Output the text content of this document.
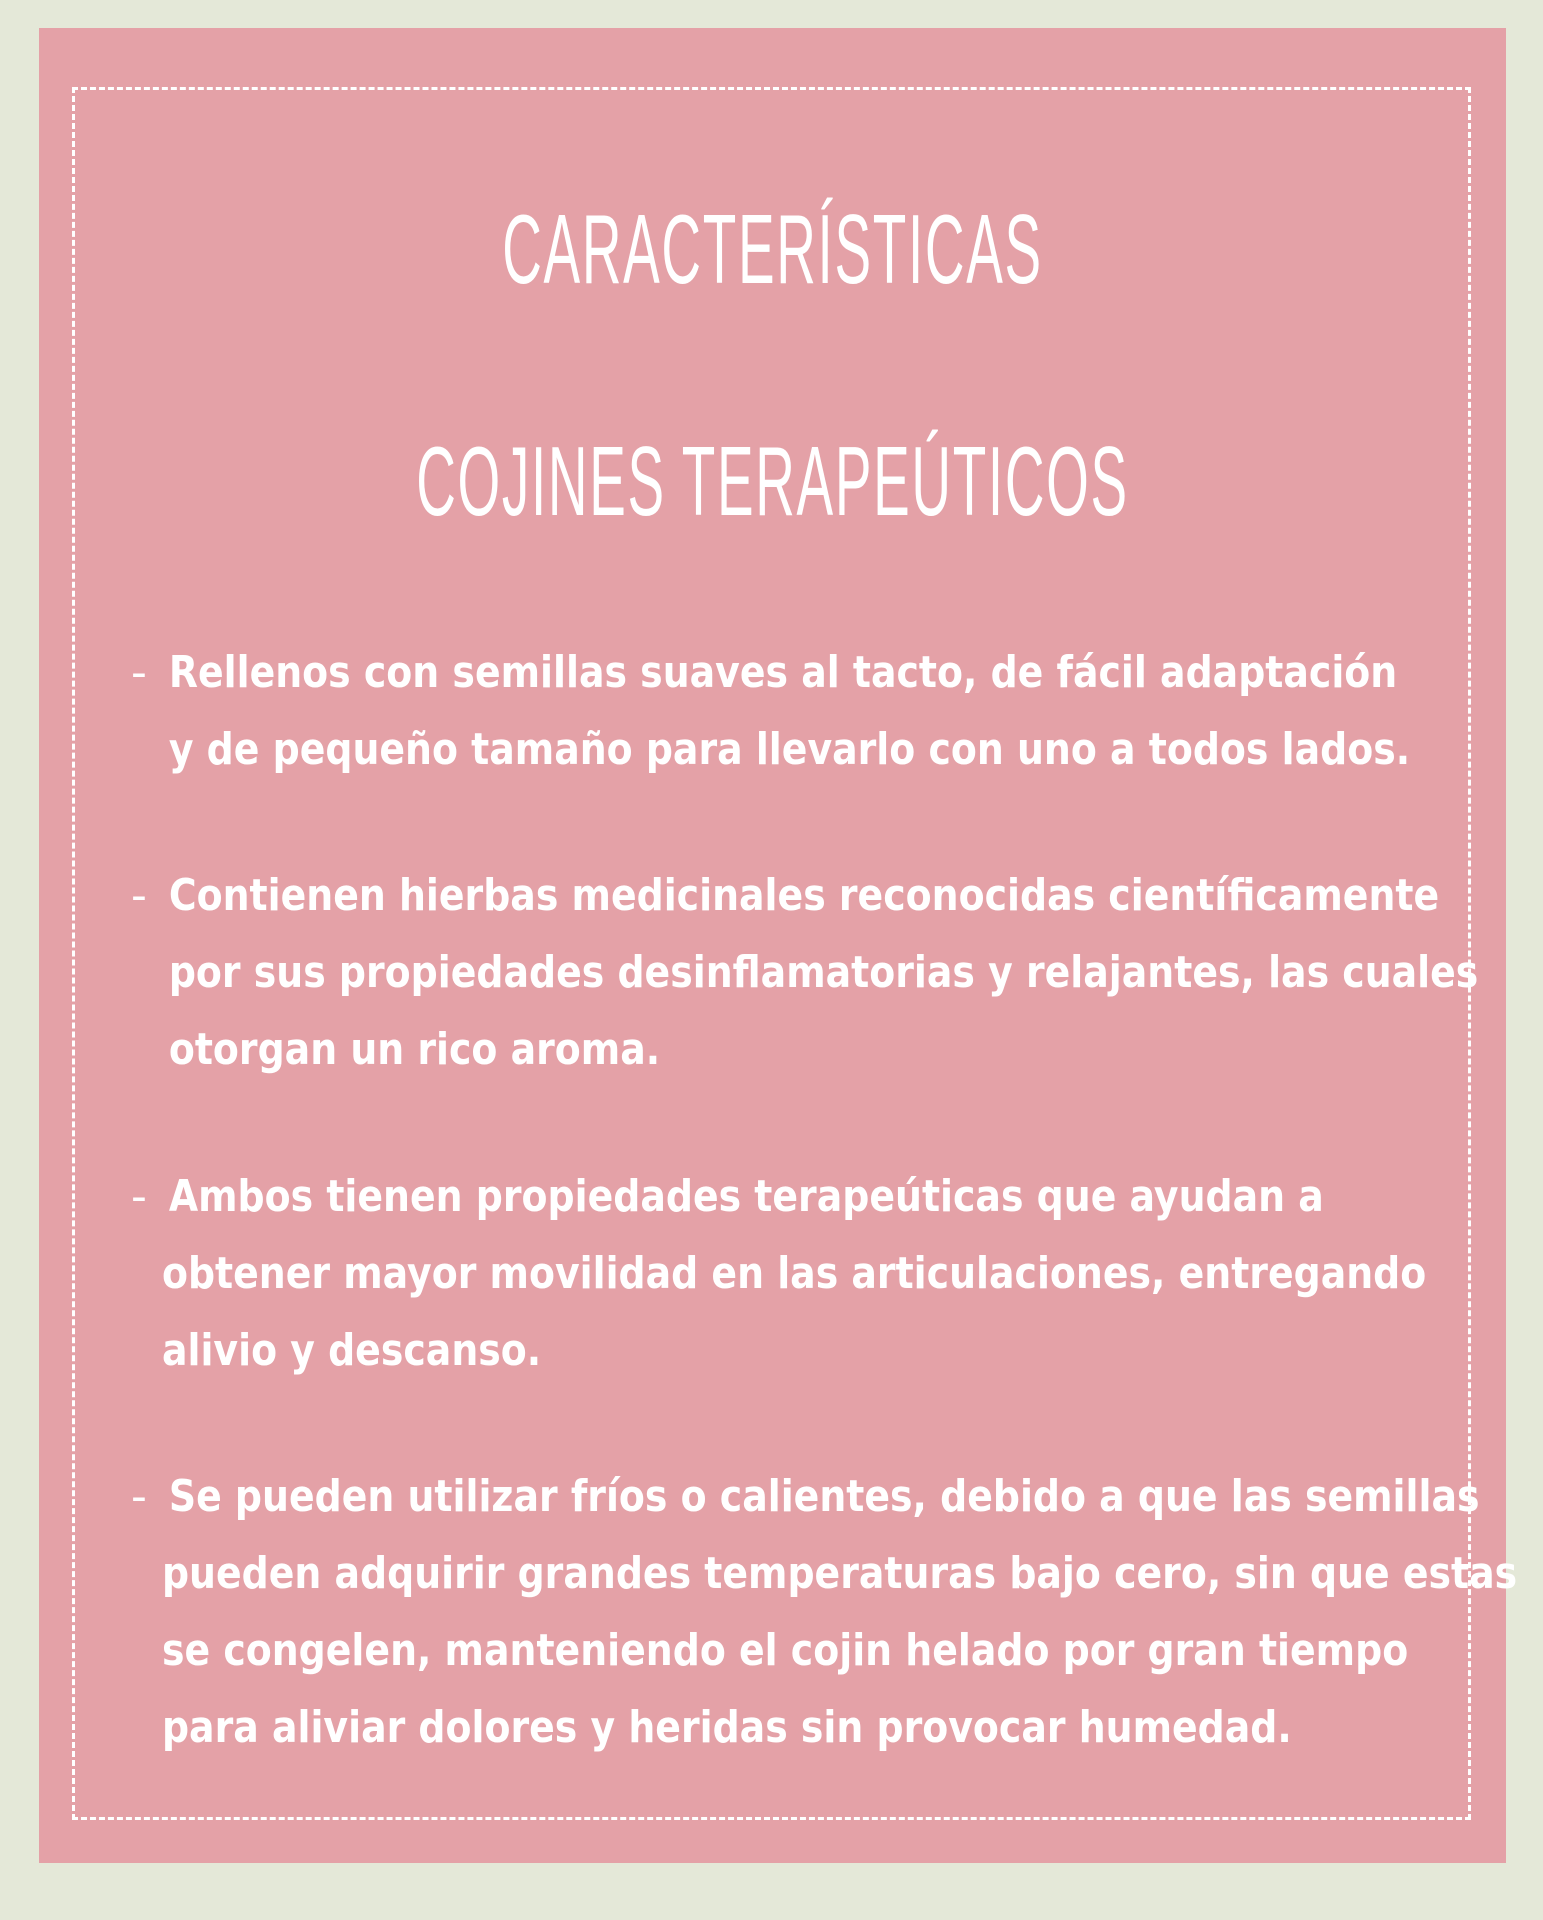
CARACTERÍSTICAS
COJINES TERAPEÚTICOS
- Rellenos con semillas suaves al tacto, de fácil adaptación
y de pequeño tamaño para llevarlo con uno a todos lados.
- Contienen hierbas medicinales reconocidas científicamente
por sus propiedades desinflamatorias y relajantes, las cuales
otorgan un rico aroma.
- Ambos tienen propiedades terapeúticas que ayudan a
obtener mayor movilidad en las articulaciones, entregando
alivio y descanso.
- Se pueden utilizar fríos o calientes, debido a que las semillas
pueden adquirir grandes temperaturas bajo cero, sin que estas
se congelen, manteniendo el cojin helado por gran tiempo
para aliviar dolores y heridas sin provocar humedad.
